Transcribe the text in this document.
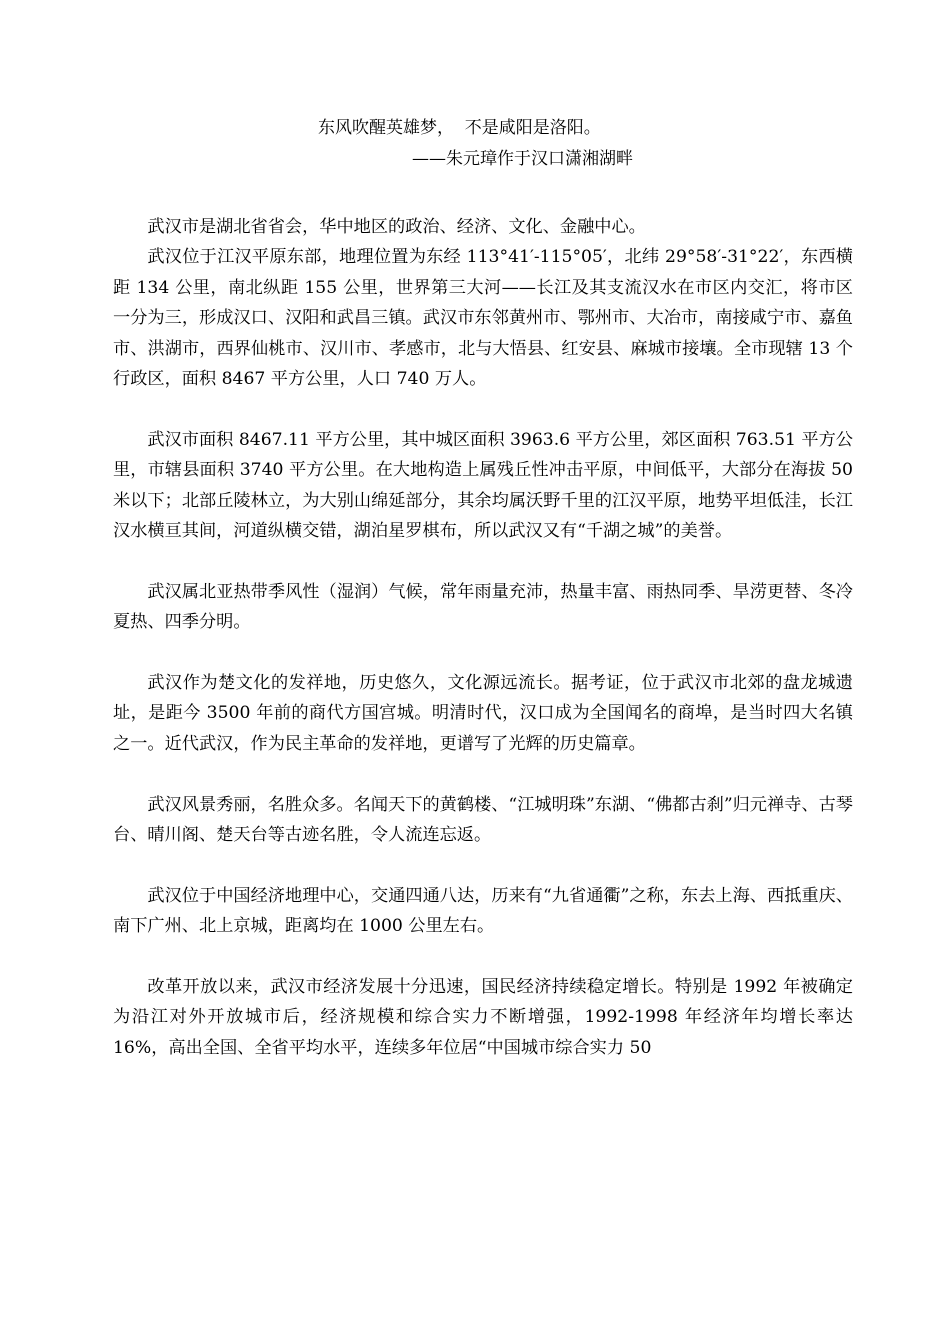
东风吹醒英雄梦，  不是咸阳是洛阳。
——朱元璋作于汉口潇湘湖畔

武汉市是湖北省省会，华中地区的政治、经济、文化、金融中心。

武汉位于江汉平原东部，地理位置为东经 113°41′-115°05′，北纬 29°58′-31°22′，东西横距 134 公里，南北纵距 155 公里，世界第三大河——长江及其支流汉水在市区内交汇，将市区一分为三，形成汉口、汉阳和武昌三镇。武汉市东邻黄州市、鄂州市、大冶市，南接咸宁市、嘉鱼市、洪湖市，西界仙桃市、汉川市、孝感市，北与大悟县、红安县、麻城市接壤。全市现辖 13 个行政区，面积 8467 平方公里，人口 740 万人。

武汉市面积 8467.11 平方公里，其中城区面积 3963.6 平方公里，郊区面积 763.51 平方公里，市辖县面积 3740 平方公里。在大地构造上属残丘性冲击平原，中间低平，大部分在海拔 50 米以下；北部丘陵林立，为大别山绵延部分，其余均属沃野千里的江汉平原，地势平坦低洼，长江汉水横亘其间，河道纵横交错，湖泊星罗棋布，所以武汉又有“千湖之城”的美誉。

武汉属北亚热带季风性（湿润）气候，常年雨量充沛，热量丰富、雨热同季、旱涝更替、冬冷夏热、四季分明。

武汉作为楚文化的发祥地，历史悠久，文化源远流长。据考证，位于武汉市北郊的盘龙城遗址，是距今 3500 年前的商代方国宫城。明清时代，汉口成为全国闻名的商埠，是当时四大名镇之一。近代武汉，作为民主革命的发祥地，更谱写了光辉的历史篇章。

武汉风景秀丽，名胜众多。名闻天下的黄鹤楼、“江城明珠”东湖、“佛都古刹”归元禅寺、古琴台、晴川阁、楚天台等古迹名胜，令人流连忘返。

武汉位于中国经济地理中心，交通四通八达，历来有“九省通衢”之称，东去上海、西抵重庆、南下广州、北上京城，距离均在 1000 公里左右。

改革开放以来，武汉市经济发展十分迅速，国民经济持续稳定增长。特别是 1992 年被确定为沿江对外开放城市后，经济规模和综合实力不断增强，1992-1998 年经济年均增长率达 16%，高出全国、全省平均水平，连续多年位居“中国城市综合实力 50
